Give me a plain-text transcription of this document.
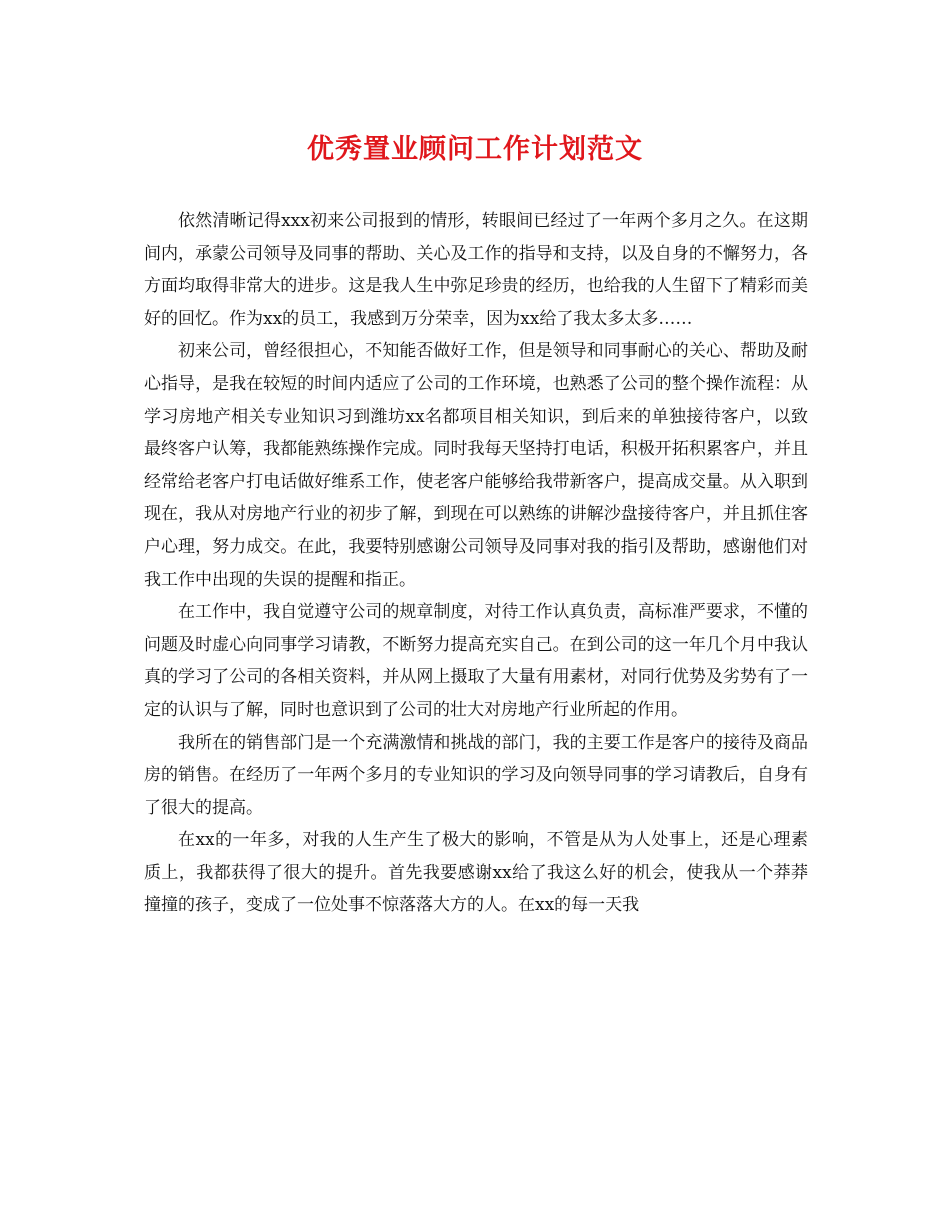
优秀置业顾问工作计划范文

依然清晰记得xxx初来公司报到的情形，转眼间已经过了一年两个多月之久。在这期间内，承蒙公司领导及同事的帮助、关心及工作的指导和支持，以及自身的不懈努力，各方面均取得非常大的进步。这是我人生中弥足珍贵的经历，也给我的人生留下了精彩而美好的回忆。作为xx的员工，我感到万分荣幸，因为xx给了我太多太多……

初来公司，曾经很担心，不知能否做好工作，但是领导和同事耐心的关心、帮助及耐心指导，是我在较短的时间内适应了公司的工作环境，也熟悉了公司的整个操作流程：从学习房地产相关专业知识习到潍坊xx名都项目相关知识，到后来的单独接待客户，以致最终客户认筹，我都能熟练操作完成。同时我每天坚持打电话，积极开拓积累客户，并且经常给老客户打电话做好维系工作，使老客户能够给我带新客户，提高成交量。从入职到现在，我从对房地产行业的初步了解，到现在可以熟练的讲解沙盘接待客户，并且抓住客户心理，努力成交。在此，我要特别感谢公司领导及同事对我的指引及帮助，感谢他们对我工作中出现的失误的提醒和指正。

在工作中，我自觉遵守公司的规章制度，对待工作认真负责，高标准严要求，不懂的问题及时虚心向同事学习请教，不断努力提高充实自己。在到公司的这一年几个月中我认真的学习了公司的各相关资料，并从网上摄取了大量有用素材，对同行优势及劣势有了一定的认识与了解，同时也意识到了公司的壮大对房地产行业所起的作用。

我所在的销售部门是一个充满激情和挑战的部门，我的主要工作是客户的接待及商品房的销售。在经历了一年两个多月的专业知识的学习及向领导同事的学习请教后，自身有了很大的提高。

在xx的一年多，对我的人生产生了极大的影响，不管是从为人处事上，还是心理素质上，我都获得了很大的提升。首先我要感谢xx给了我这么好的机会，使我从一个莽莽撞撞的孩子，变成了一位处事不惊落落大方的人。在xx的每一天我
